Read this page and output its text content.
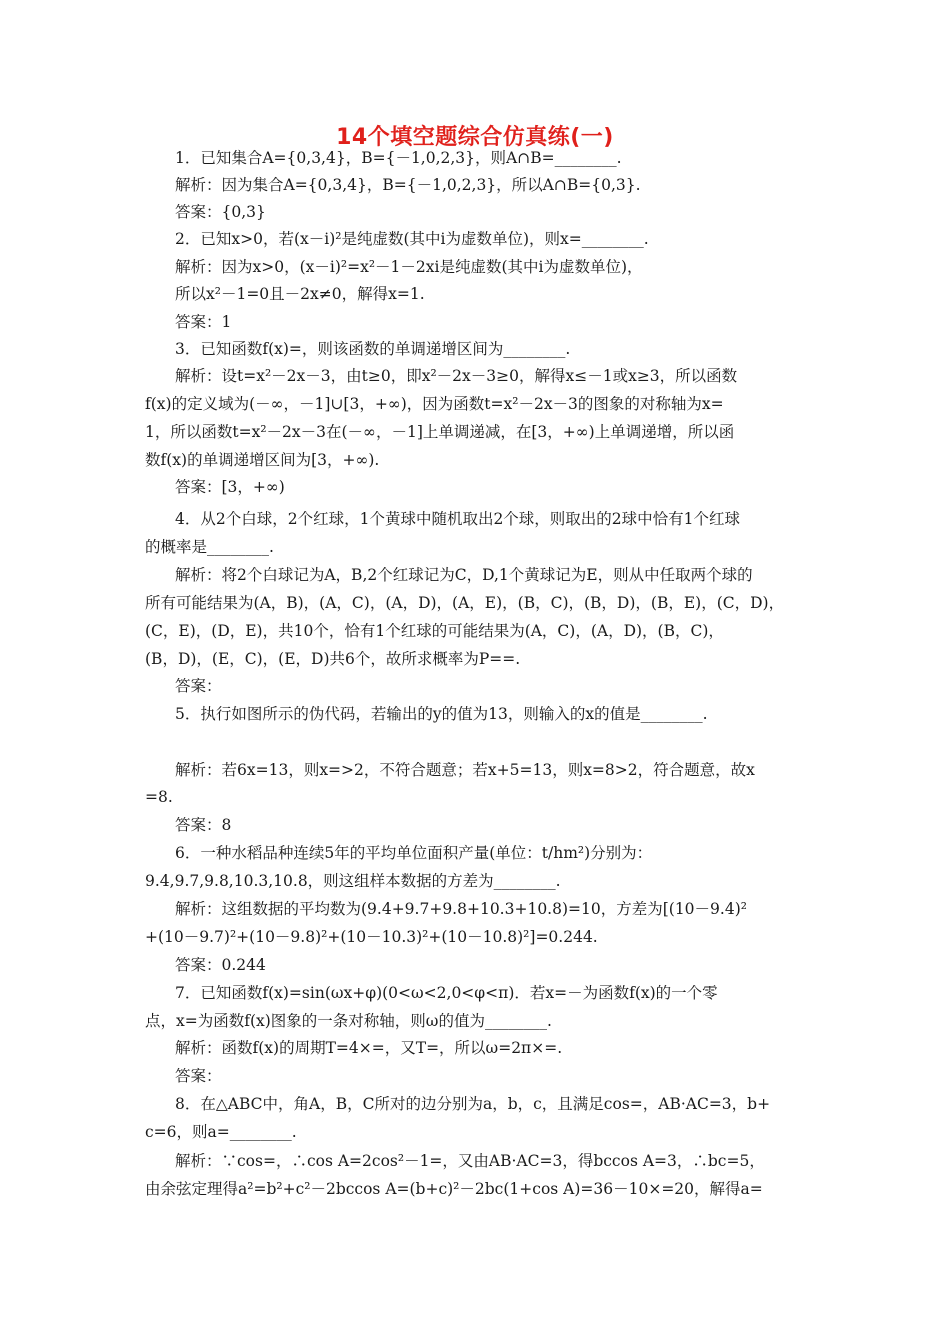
14个填空题综合仿真练(一)
1．已知集合A={0,3,4}，B={－1,0,2,3}，则A∩B=________.
解析：因为集合A={0,3,4}，B={－1,0,2,3}，所以A∩B={0,3}.
答案：{0,3}
2．已知x>0，若(x－i)²是纯虚数(其中i为虚数单位)，则x=________.
解析：因为x>0，(x－i)²=x²－1－2xi是纯虚数(其中i为虚数单位)，
所以x²－1=0且－2x≠0，解得x=1.
答案：1
3．已知函数f(x)=，则该函数的单调递增区间为________.
解析：设t=x²－2x－3，由t≥0，即x²－2x－3≥0，解得x≤－1或x≥3，所以函数
f(x)的定义域为(－∞，－1]∪[3，+∞)，因为函数t=x²－2x－3的图象的对称轴为x=
1，所以函数t=x²－2x－3在(－∞，－1]上单调递减，在[3，+∞)上单调递增，所以函
数f(x)的单调递增区间为[3，+∞).
答案：[3，+∞)
4．从2个白球，2个红球，1个黄球中随机取出2个球，则取出的2球中恰有1个红球
的概率是________.
解析：将2个白球记为A，B,2个红球记为C，D,1个黄球记为E，则从中任取两个球的
所有可能结果为(A，B)，(A，C)，(A，D)，(A，E)，(B，C)，(B，D)，(B，E)，(C，D)，
(C，E)，(D，E)，共10个，恰有1个红球的可能结果为(A，C)，(A，D)，(B，C)，
(B，D)，(E，C)，(E，D)共6个，故所求概率为P==.
答案：
5．执行如图所示的伪代码，若输出的y的值为13，则输入的x的值是________.
解析：若6x=13，则x=>2，不符合题意；若x+5=13，则x=8>2，符合题意，故x
=8.
答案：8
6．一种水稻品种连续5年的平均单位面积产量(单位：t/hm²)分别为：
9.4,9.7,9.8,10.3,10.8，则这组样本数据的方差为________.
解析：这组数据的平均数为(9.4+9.7+9.8+10.3+10.8)=10，方差为[(10－9.4)²
+(10－9.7)²+(10－9.8)²+(10－10.3)²+(10－10.8)²]=0.244.
答案：0.244
7．已知函数f(x)=sin(ωx+φ)(0<ω<2,0<φ<π)．若x=－为函数f(x)的一个零
点，x=为函数f(x)图象的一条对称轴，则ω的值为________.
解析：函数f(x)的周期T=4×=，又T=，所以ω=2π×=.
答案：
8．在△ABC中，角A，B，C所对的边分别为a，b，c，且满足cos=，AB·AC=3，b+
c=6，则a=________.
解析：∵cos=，∴cos A=2cos²－1=，又由AB·AC=3，得bccos A=3，∴bc=5，
由余弦定理得a²=b²+c²－2bccos A=(b+c)²－2bc(1+cos A)=36－10×=20，解得a=
